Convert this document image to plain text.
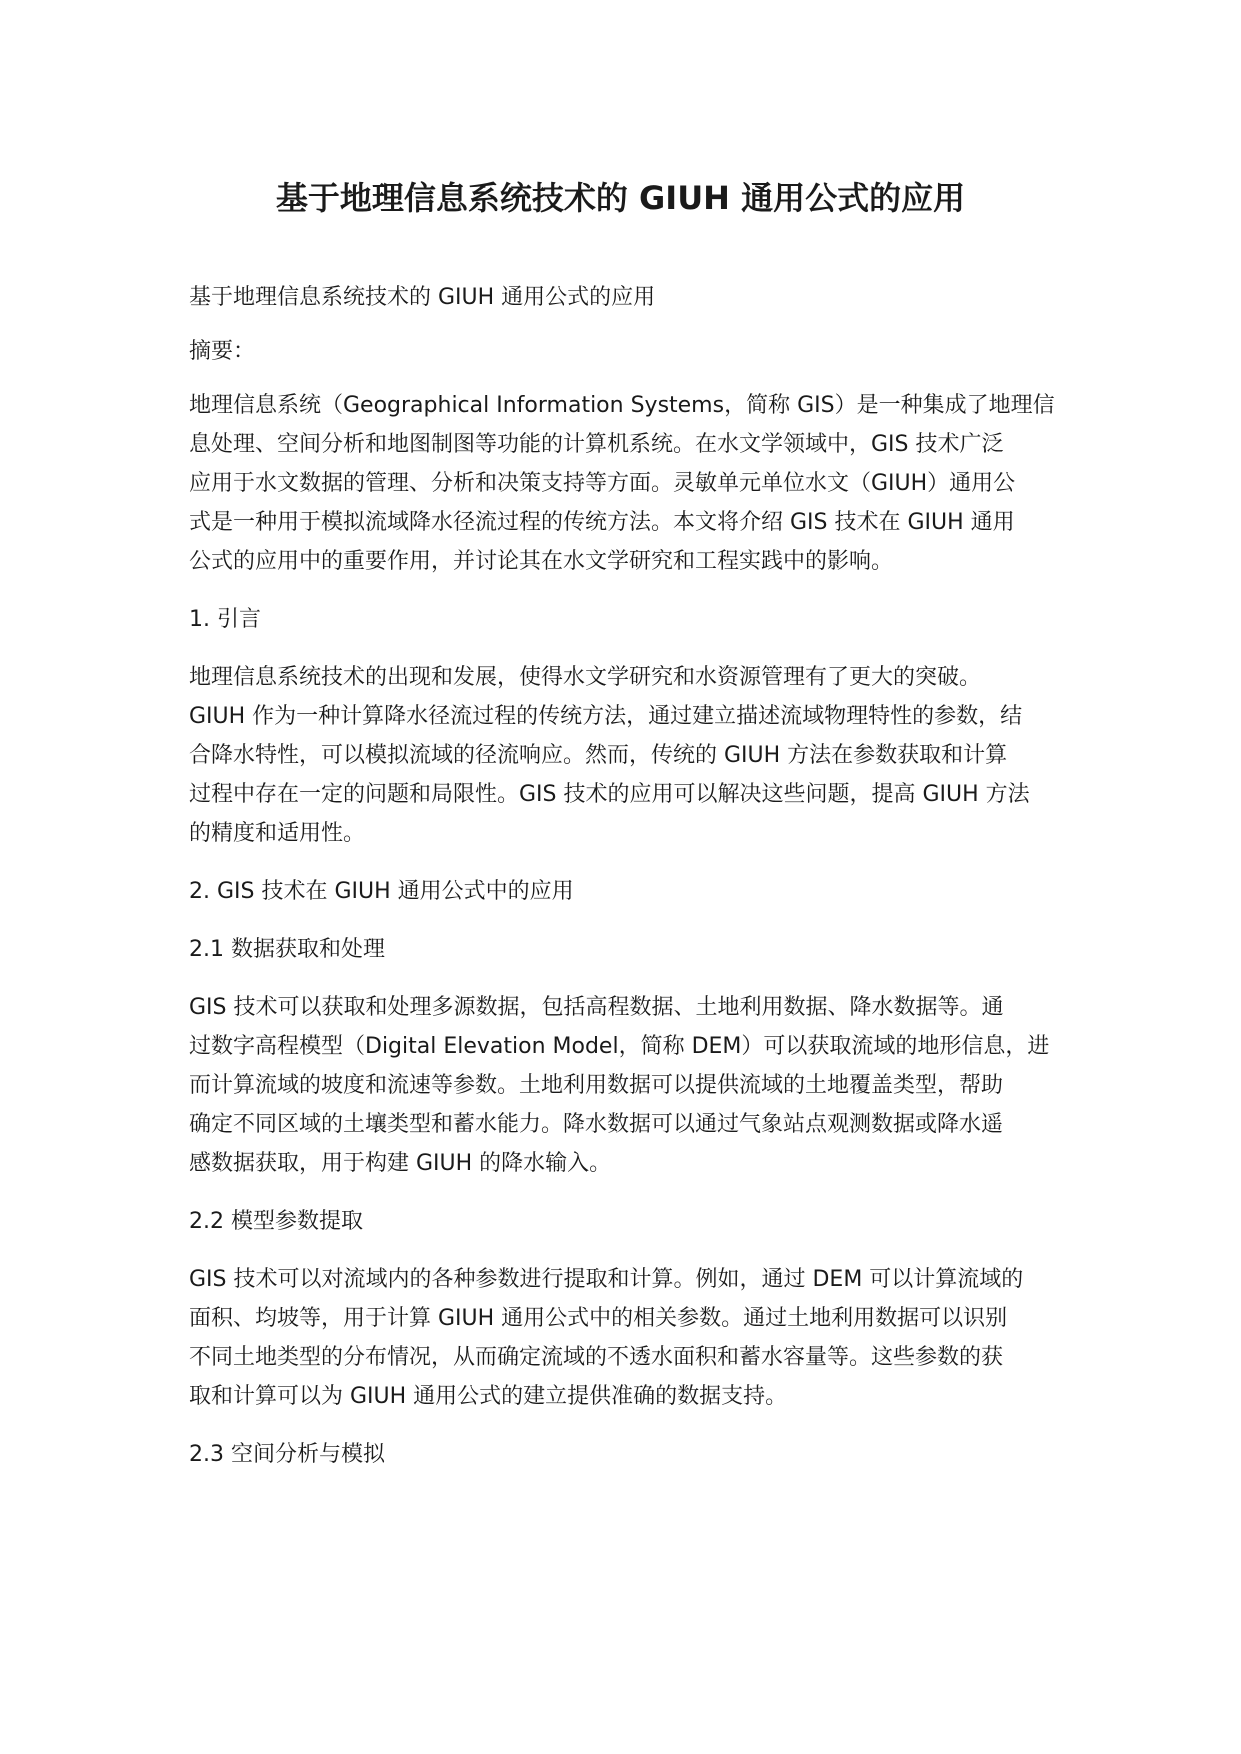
基于地理信息系统技术的 GIUH 通用公式的应用

基于地理信息系统技术的 GIUH 通用公式的应用

摘要：

地理信息系统（Geographical Information Systems，简称 GIS）是一种集成了地理信

息处理、空间分析和地图制图等功能的计算机系统。在水文学领域中，GIS 技术广泛

应用于水文数据的管理、分析和决策支持等方面。灵敏单元单位水文（GIUH）通用公

式是一种用于模拟流域降水径流过程的传统方法。本文将介绍 GIS 技术在 GIUH 通用

公式的应用中的重要作用，并讨论其在水文学研究和工程实践中的影响。

1. 引言

地理信息系统技术的出现和发展，使得水文学研究和水资源管理有了更大的突破。

GIUH 作为一种计算降水径流过程的传统方法，通过建立描述流域物理特性的参数，结

合降水特性，可以模拟流域的径流响应。然而，传统的 GIUH 方法在参数获取和计算

过程中存在一定的问题和局限性。GIS 技术的应用可以解决这些问题，提高 GIUH 方法

的精度和适用性。

2. GIS 技术在 GIUH 通用公式中的应用

2.1 数据获取和处理

GIS 技术可以获取和处理多源数据，包括高程数据、土地利用数据、降水数据等。通

过数字高程模型（Digital Elevation Model，简称 DEM）可以获取流域的地形信息，进

而计算流域的坡度和流速等参数。土地利用数据可以提供流域的土地覆盖类型，帮助

确定不同区域的土壤类型和蓄水能力。降水数据可以通过气象站点观测数据或降水遥

感数据获取，用于构建 GIUH 的降水输入。

2.2 模型参数提取

GIS 技术可以对流域内的各种参数进行提取和计算。例如，通过 DEM 可以计算流域的

面积、均坡等，用于计算 GIUH 通用公式中的相关参数。通过土地利用数据可以识别

不同土地类型的分布情况，从而确定流域的不透水面积和蓄水容量等。这些参数的获

取和计算可以为 GIUH 通用公式的建立提供准确的数据支持。

2.3 空间分析与模拟
